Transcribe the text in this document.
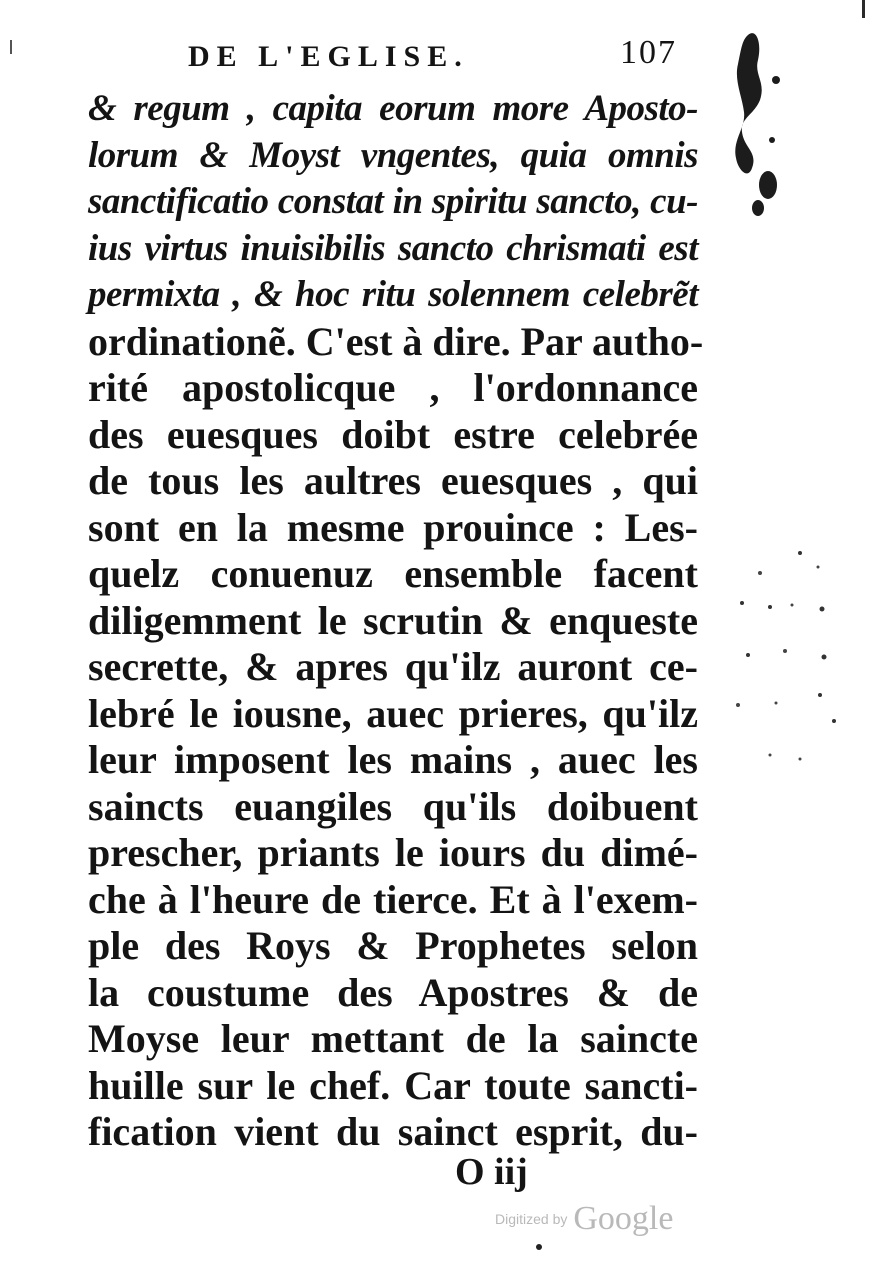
DE L'EGLISE.	107
& regum , capita eorum more Aposto-
lorum & Moyst vngentes, quia omnis
sanctificatio constat in spiritu sancto, cu-
ius virtus inuisibilis sancto chrismati est
permixta , & hoc ritu solennem celebrẽt
ordinationẽ. C'est à dire. Par autho-
rité apostolicque , l'ordonnance
des euesques doibt estre celebrée
de tous les aultres euesques , qui
sont en la mesme prouince : Les-
quelz conuenuz ensemble facent
diligemment le scrutin & enqueste
secrette, & apres qu'ilz auront ce-
lebré le iousne, auec prieres, qu'ilz
leur imposent les mains , auec les
saincts euangiles qu'ils doibuent
prescher, priants le iours du dimé-
che à l'heure de tierce. Et à l'exem-
ple des Roys & Prophetes selon
la coustume des Apostres & de
Moyse leur mettant de la saincte
huille sur le chef. Car toute sancti-
fication vient du sainct esprit, du-
O iij
Digitized by Google
